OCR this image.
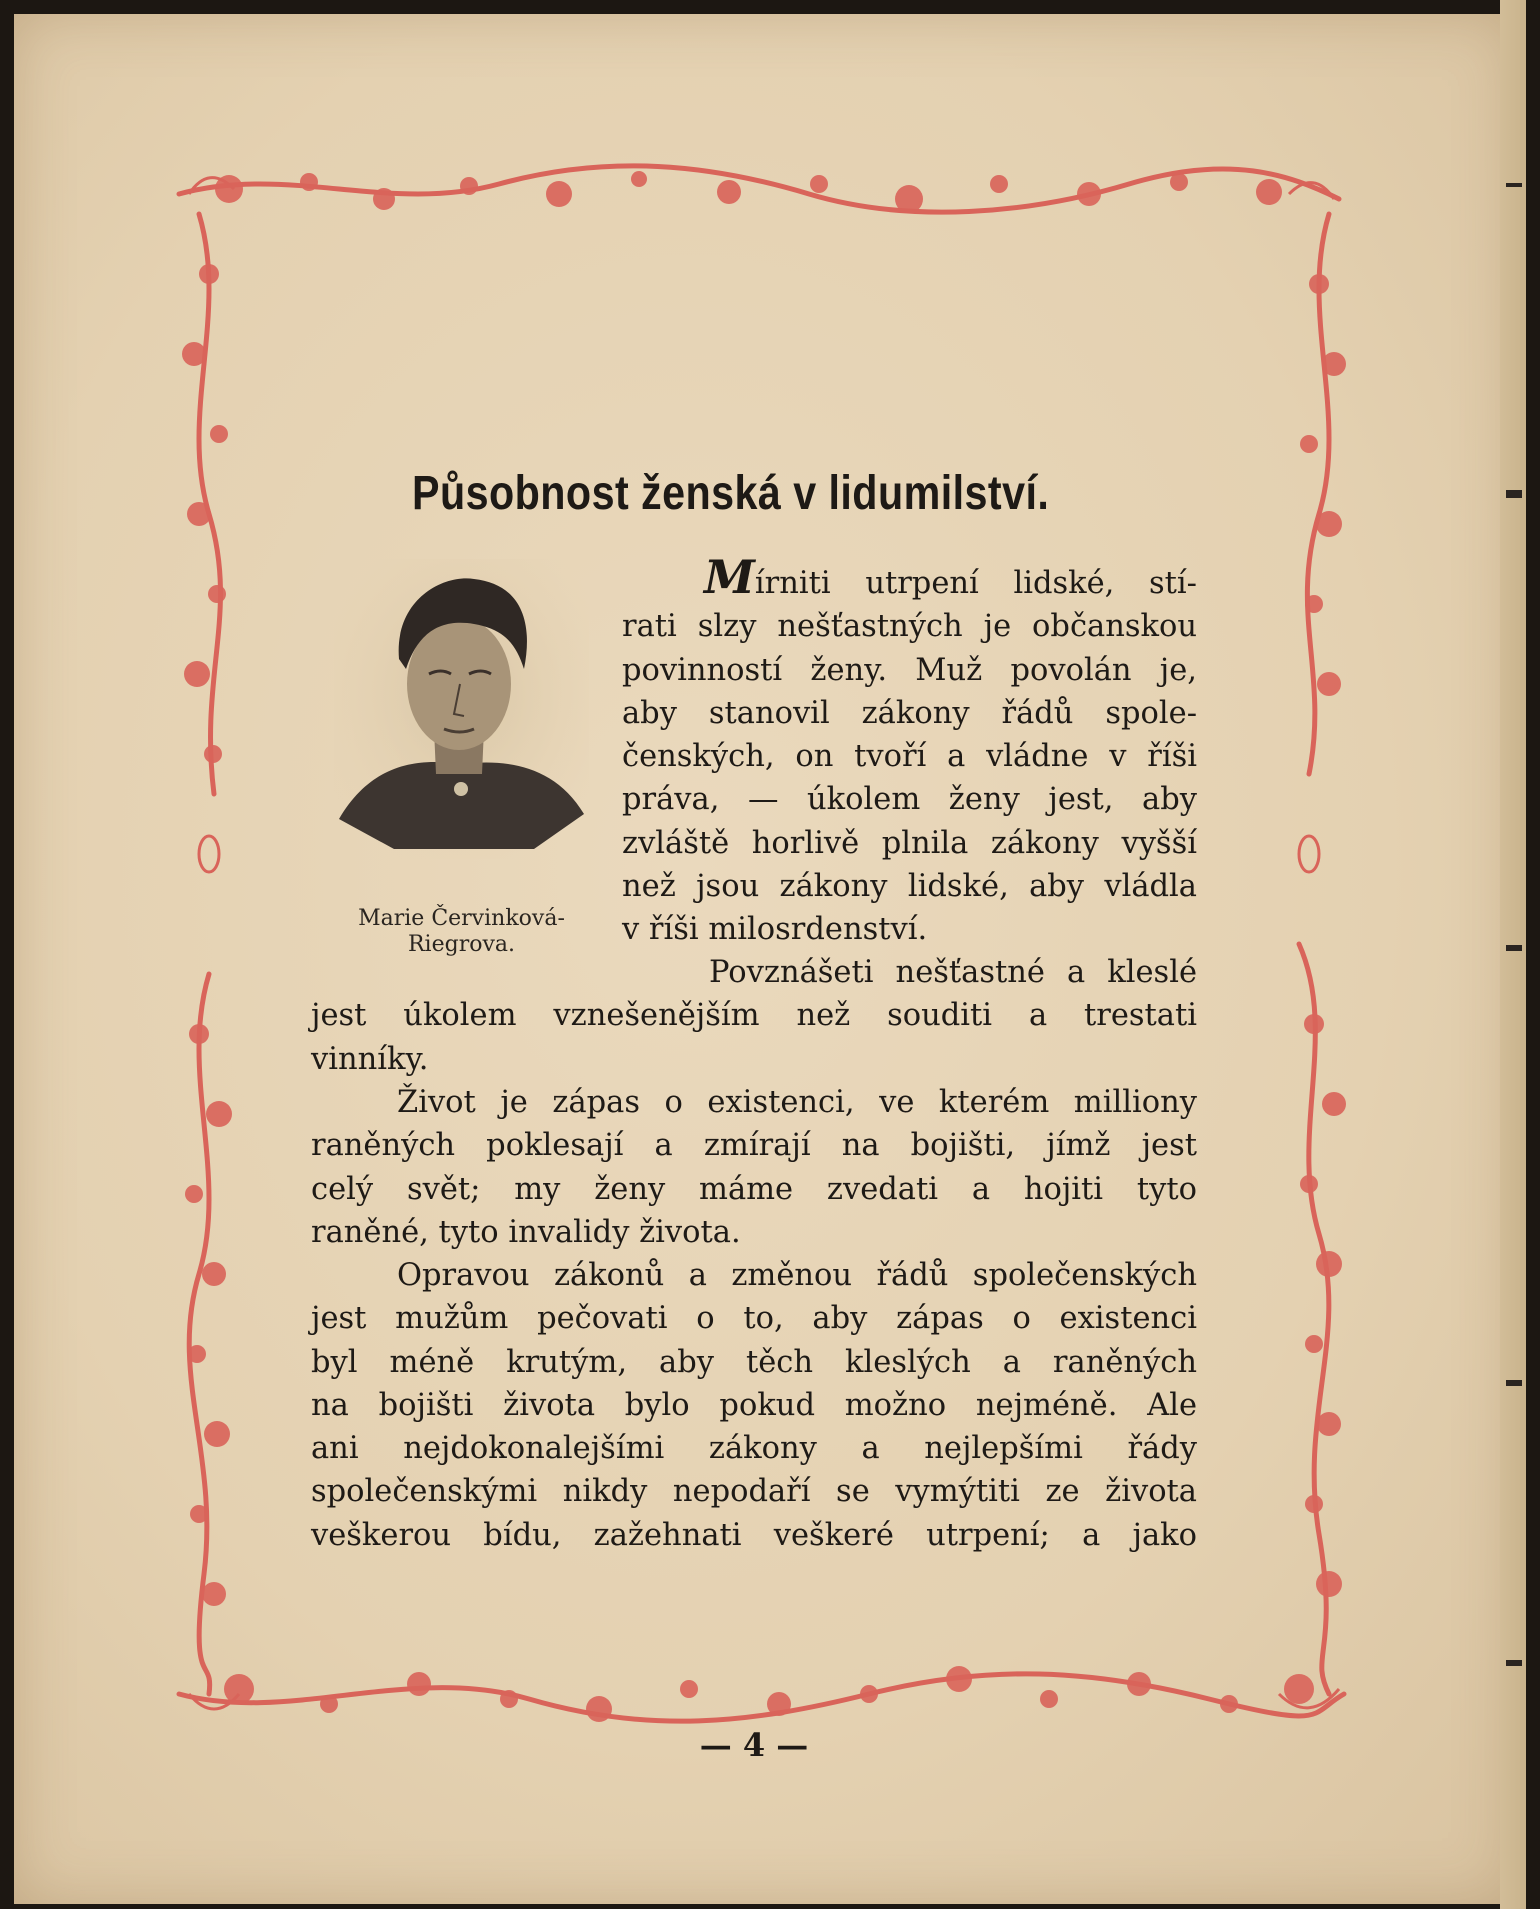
Působnost ženská v lidumilství.
Marie Červinková-
Riegrova.
Mírniti utrpení lidské, stí-
rati slzy nešťastných je občanskou
povinností ženy. Muž povolán je,
aby stanovil zákony řádů spole-
čenských, on tvoří a vládne v říši
práva, — úkolem ženy jest, aby
zvláště horlivě plnila zákony vyšší
než jsou zákony lidské, aby vládla
v říši milosrdenství.
Povznášeti nešťastné a kleslé
jest úkolem vznešenějším než souditi a trestati
vinníky.
Život je zápas o existenci, ve kterém milliony
raněných poklesají a zmírají na bojišti, jímž jest
celý svět; my ženy máme zvedati a hojiti tyto
raněné, tyto invalidy života.
Opravou zákonů a změnou řádů společenských
jest mužům pečovati o to, aby zápas o existenci
byl méně krutým, aby těch kleslých a raněných
na bojišti života bylo pokud možno nejméně. Ale
ani nejdokonalejšími zákony a nejlepšími řády
společenskými nikdy nepodaří se vymýtiti ze života
veškerou bídu, zažehnati veškeré utrpení; a jako
— 4 —
